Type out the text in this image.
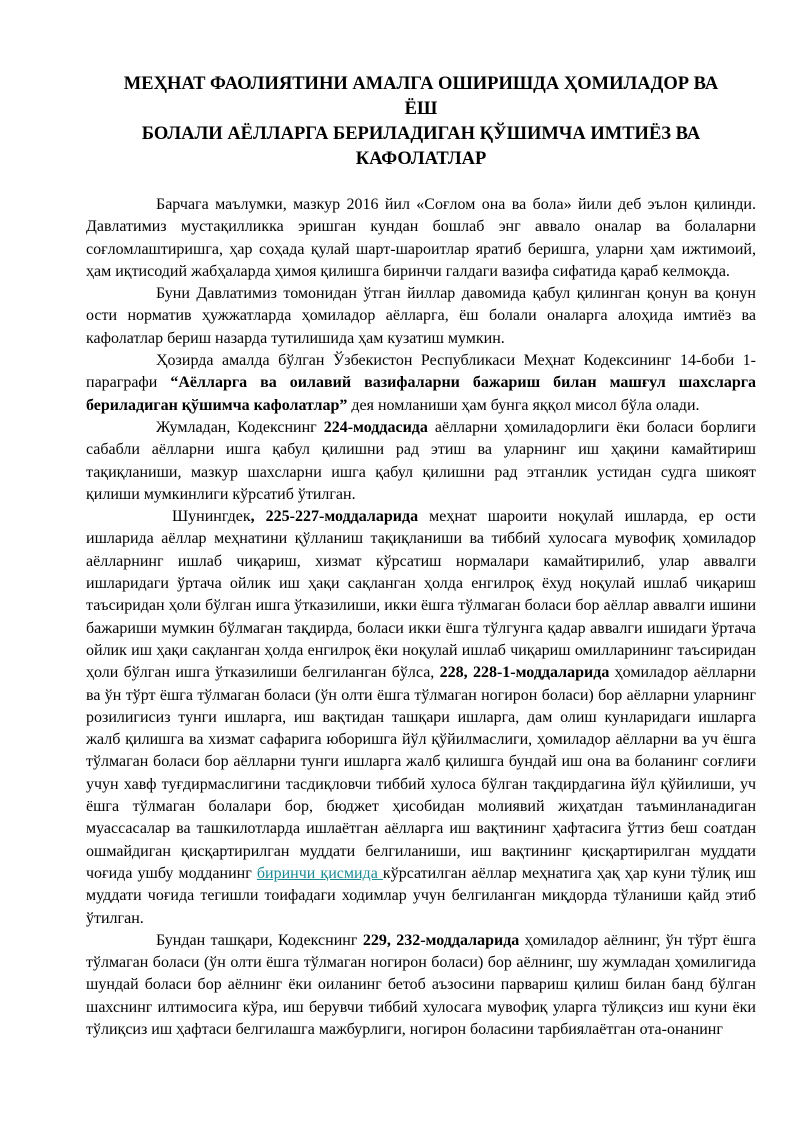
МЕҲНАТ ФАОЛИЯТИНИ АМАЛГА ОШИРИШДА ҲОМИЛАДОР ВА ЁШ
БОЛАЛИ АЁЛЛАРГА БЕРИЛАДИГАН ҚЎШИМЧА ИМТИЁЗ ВА
КАФОЛАТЛАР

Барчага маълумки, мазкур 2016 йил «Соғлом она ва бола» йили деб эълон қилинди. Давлатимиз мустақилликка эришган кундан бошлаб энг аввало оналар ва болаларни соғломлаштиришга, ҳар соҳада қулай шарт-шароитлар яратиб беришга, уларни ҳам ижтимоий, ҳам иқтисодий жабҳаларда ҳимоя қилишга биринчи галдаги вазифа сифатида қараб келмоқда.

Буни Давлатимиз томонидан ўтган йиллар давомида қабул қилинган қонун ва қонун ости норматив ҳужжатларда ҳомиладор аёлларга, ёш болали оналарга алоҳида имтиёз ва кафолатлар бериш назарда тутилишида ҳам кузатиш мумкин.

Ҳозирда амалда бўлган Ўзбекистон Республикаси Меҳнат Кодексининг 14-боби 1-параграфи “Аёлларга ва оилавий вазифаларни бажариш билан машғул шахсларга бериладиган қўшимча кафолатлар” дея номланиши ҳам бунга яққол мисол бўла олади.

Жумладан, Кодекснинг 224-моддасида аёлларни ҳомиладорлиги ёки боласи борлиги сабабли аёлларни ишга қабул қилишни рад этиш ва уларнинг иш ҳақини камайтириш тақиқланиши, мазкур шахсларни ишга қабул қилишни рад этганлик устидан судга шикоят қилиши мумкинлиги кўрсатиб ўтилган.

Шунингдек, 225-227-моддаларида меҳнат шароити ноқулай ишларда, ер ости ишларида аёллар меҳнатини қўлланиш тақиқланиши ва тиббий хулосага мувофиқ ҳомиладор аёлларнинг ишлаб чиқариш, хизмат кўрсатиш нормалари камайтирилиб, улар аввалги ишларидаги ўртача ойлик иш ҳақи сақланган ҳолда енгилроқ ёхуд ноқулай ишлаб чиқариш таъсиридан ҳоли бўлган ишга ўтказилиши, икки ёшга тўлмаган боласи бор аёллар аввалги ишини бажариши мумкин бўлмаган тақдирда, боласи икки ёшга тўлгунга қадар аввалги ишидаги ўртача ойлик иш ҳақи сақланган ҳолда енгилроқ ёки ноқулай ишлаб чиқариш омилларининг таъсиридан ҳоли бўлган ишга ўтказилиши белгиланган бўлса, 228, 228-1-моддаларида ҳомиладор аёлларни ва ўн тўрт ёшга тўлмаган боласи (ўн олти ёшга тўлмаган ногирон боласи) бор аёлларни уларнинг розилигисиз тунги ишларга, иш вақтидан ташқари ишларга, дам олиш кунларидаги ишларга жалб қилишга ва хизмат сафарига юборишга йўл қўйилмаслиги, ҳомиладор аёлларни ва уч ёшга тўлмаган боласи бор аёлларни тунги ишларга жалб қилишга бундай иш она ва боланинг соғлиғи учун хавф туғдирмаслигини тасдиқловчи тиббий хулоса бўлган тақдирдагина йўл қўйилиши, уч ёшга тўлмаган болалари бор, бюджет ҳисобидан молиявий жиҳатдан таъминланадиган муассасалар ва ташкилотларда ишлаётган аёлларга иш вақтининг ҳафтасига ўттиз беш соатдан ошмайдиган қисқартирилган муддати белгиланиши, иш вақтининг қисқартирилган муддати чоғида ушбу модданинг биринчи қисмида кўрсатилган аёллар меҳнатига ҳақ ҳар куни тўлиқ иш муддати чоғида тегишли тоифадаги ходимлар учун белгиланган миқдорда тўланиши қайд этиб ўтилган.

Бундан ташқари, Кодекснинг 229, 232-моддаларида ҳомиладор аёлнинг, ўн тўрт ёшга тўлмаган боласи (ўн олти ёшга тўлмаган ногирон боласи) бор аёлнинг, шу жумладан ҳомилигида шундай боласи бор аёлнинг ёки оиланинг бетоб аъзосини парвариш қилиш билан банд бўлган шахснинг илтимосига кўра, иш берувчи тиббий хулосага мувофиқ уларга тўлиқсиз иш куни ёки тўлиқсиз иш ҳафтаси белгилашга мажбурлиги, ногирон боласини тарбиялаётган ота-онанинг
